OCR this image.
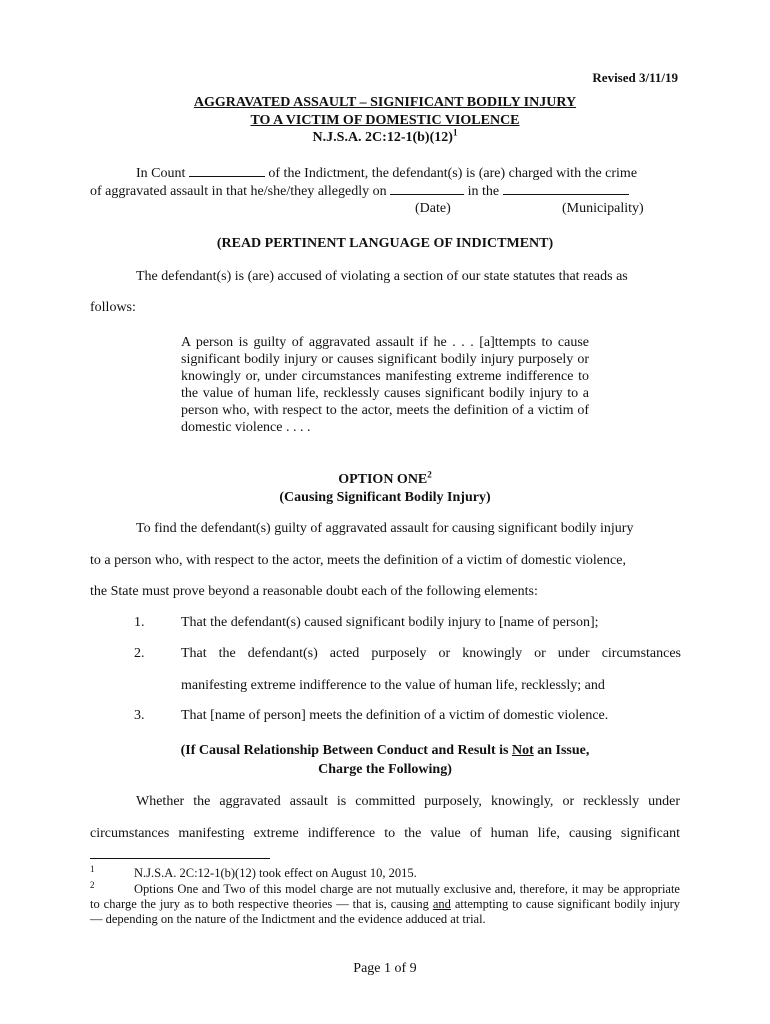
Revised 3/11/19
AGGRAVATED ASSAULT – SIGNIFICANT BODILY INJURY
TO A VICTIM OF DOMESTIC VIOLENCE
N.J.S.A. $2C:12-1(b)(12)^1$
In Count	of the Indictment, the defendant(s) is (are) charged with the crime
of aggravated assault in that he/she/they allegedly on	in the
(Date)	(Municipality)
(READ PERTINENT LANGUAGE OF INDICTMENT)
The defendant(s) is (are) accused of violating a section of our state statutes that reads as
follows:
A person is guilty of aggravated assault if he . . . [a]ttempts to cause significant bodily injury or causes significant bodily injury purposely or knowingly or, under circumstances manifesting extreme indifference to the value of human life, recklessly causes significant bodily injury to a person who, with respect to the actor, meets the definition of a victim of domestic violence . . . .
OPTION ONE$^2$
(Causing Significant Bodily Injury)
To find the defendant(s) guilty of aggravated assault for causing significant bodily injury
to a person who, with respect to the actor, meets the definition of a victim of domestic violence,
the State must prove beyond a reasonable doubt each of the following elements:
1.	That the defendant(s) caused significant bodily injury to [name of person];
2.	That the defendant(s) acted purposely or knowingly or under circumstances
manifesting extreme indifference to the value of human life, recklessly; and
3.	That [name of person] meets the definition of a victim of domestic violence.
(If Causal Relationship Between Conduct and Result is Not an Issue,
Charge the Following)
Whether the aggravated assault is committed purposely, knowingly, or recklessly under
circumstances manifesting extreme indifference to the value of human life, causing significant
1	N.J.S.A. 2C:12-1(b)(12) took effect on August 10, 2015.
2	Options One and Two of this model charge are not mutually exclusive and, therefore, it may be appropriate to charge the jury as to both respective theories — that is, causing and attempting to cause significant bodily injury — depending on the nature of the Indictment and the evidence adduced at trial.
Page 1 of 9
